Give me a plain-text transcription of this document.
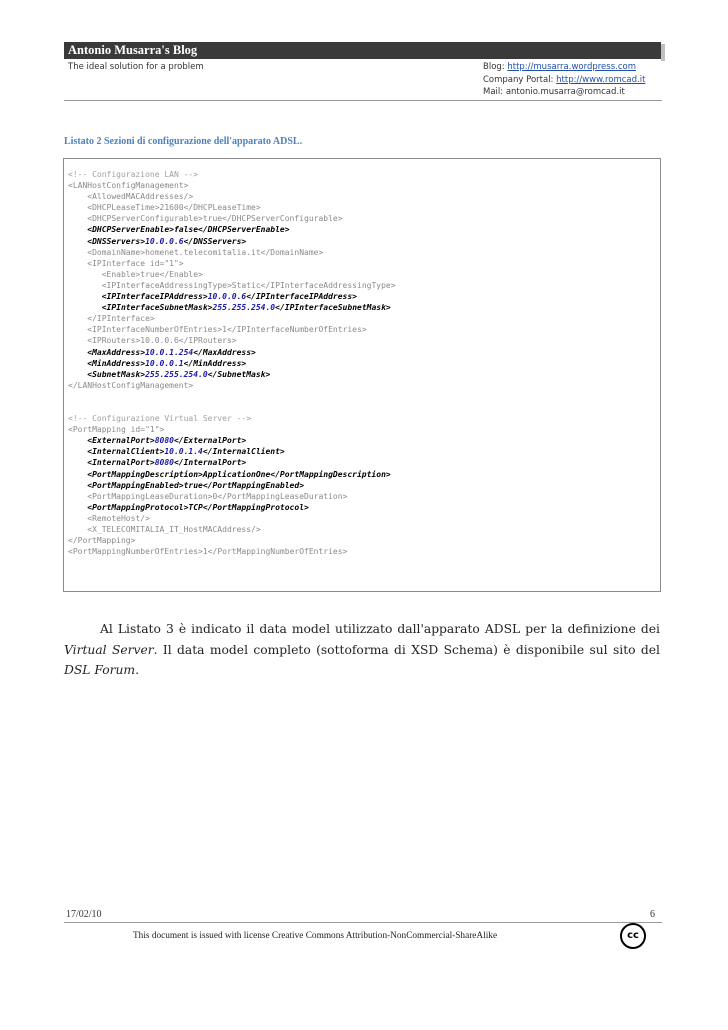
Antonio Musarra's Blog
The ideal solution for a problem	Blog: http://musarra.wordpress.com
Company Portal: http://www.romcad.it
Mail: antonio.musarra@romcad.it
Listato 2 Sezioni di configurazione dell'apparato ADSL.
<!-- Configurazione LAN -->
<LANHostConfigManagement>
<AllowedMACAddresses/>
<DHCPLeaseTime>21600</DHCPLeaseTime>
<DHCPServerConfigurable>true</DHCPServerConfigurable>
<DHCPServerEnable>false</DHCPServerEnable>
<DNSServers>10.0.0.6</DNSServers>
<DomainName>homenet.telecomitalia.it</DomainName>
<IPInterface id="1">
<Enable>true</Enable>
<IPInterfaceAddressingType>Static</IPInterfaceAddressingType>
<IPInterfaceIPAddress>10.0.0.6</IPInterfaceIPAddress>
<IPInterfaceSubnetMask>255.255.254.0</IPInterfaceSubnetMask>
</IPInterface>
<IPInterfaceNumberOfEntries>1</IPInterfaceNumberOfEntries>
<IPRouters>10.0.0.6</IPRouters>
<MaxAddress>10.0.1.254</MaxAddress>
<MinAddress>10.0.0.1</MinAddress>
<SubnetMask>255.255.254.0</SubnetMask>
</LANHostConfigManagement>

<!-- Configurazione Virtual Server -->
<PortMapping id="1">
<ExternalPort>8080</ExternalPort>
<InternalClient>10.0.1.4</InternalClient>
<InternalPort>8080</InternalPort>
<PortMappingDescription>ApplicationOne</PortMappingDescription>
<PortMappingEnabled>true</PortMappingEnabled>
<PortMappingLeaseDuration>0</PortMappingLeaseDuration>
<PortMappingProtocol>TCP</PortMappingProtocol>
<RemoteHost/>
<X_TELECOMITALIA_IT_HostMACAddress/>
</PortMapping>
<PortMappingNumberOfEntries>1</PortMappingNumberOfEntries>
Al Listato 3 è indicato il data model utilizzato dall'apparato ADSL per la definizione dei Virtual Server. Il data model completo (sottoforma di XSD Schema) è disponibile sul sito del DSL Forum.
17/02/10	6
This document is issued with license Creative Commons Attribution-NonCommercial-ShareAlike	cc
